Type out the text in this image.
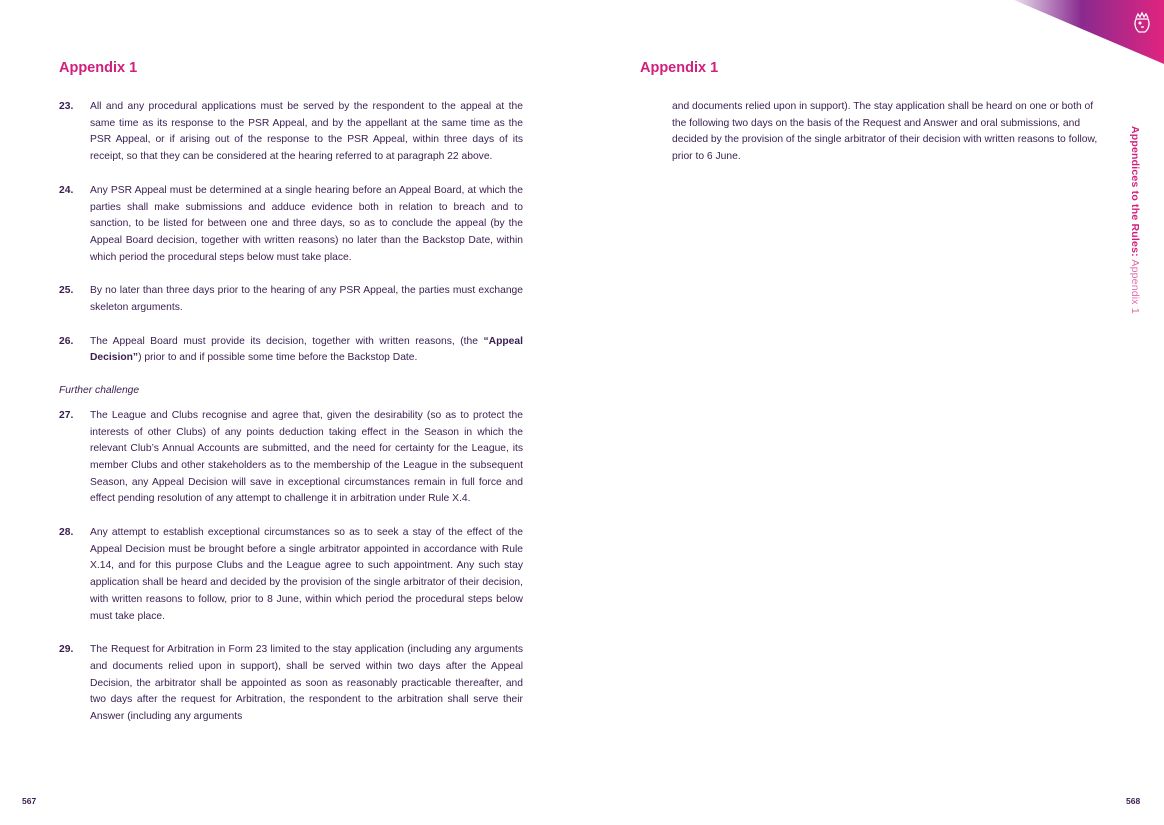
Appendix 1	Appendix 1
23.	All and any procedural applications must be served by the respondent to the appeal at the same time as its response to the PSR Appeal, and by the appellant at the same time as the PSR Appeal, or if arising out of the response to the PSR Appeal, within three days of its receipt, so that they can be considered at the hearing referred to at paragraph 22 above.
24.	Any PSR Appeal must be determined at a single hearing before an Appeal Board, at which the parties shall make submissions and adduce evidence both in relation to breach and to sanction, to be listed for between one and three days, so as to conclude the appeal (by the Appeal Board decision, together with written reasons) no later than the Backstop Date, within which period the procedural steps below must take place.
25.	By no later than three days prior to the hearing of any PSR Appeal, the parties must exchange skeleton arguments.
26.	The Appeal Board must provide its decision, together with written reasons, (the “Appeal Decision”) prior to and if possible some time before the Backstop Date.
Further challenge
27.	The League and Clubs recognise and agree that, given the desirability (so as to protect the interests of other Clubs) of any points deduction taking effect in the Season in which the relevant Club’s Annual Accounts are submitted, and the need for certainty for the League, its member Clubs and other stakeholders as to the membership of the League in the subsequent Season, any Appeal Decision will save in exceptional circumstances remain in full force and effect pending resolution of any attempt to challenge it in arbitration under Rule X.4.
28.	Any attempt to establish exceptional circumstances so as to seek a stay of the effect of the Appeal Decision must be brought before a single arbitrator appointed in accordance with Rule X.14, and for this purpose Clubs and the League agree to such appointment. Any such stay application shall be heard and decided by the provision of the single arbitrator of their decision, with written reasons to follow, prior to 8 June, within which period the procedural steps below must take place.
29.	The Request for Arbitration in Form 23 limited to the stay application (including any arguments and documents relied upon in support), shall be served within two days after the Appeal Decision, the arbitrator shall be appointed as soon as reasonably practicable thereafter, and two days after the request for Arbitration, the respondent to the arbitration shall serve their Answer (including any arguments

and documents relied upon in support). The stay application shall be heard on one or both of the following two days on the basis of the Request and Answer and oral submissions, and decided by the provision of the single arbitrator of their decision with written reasons to follow, prior to 6 June.	Appendices to the Rules: Appendix 1
567	568
